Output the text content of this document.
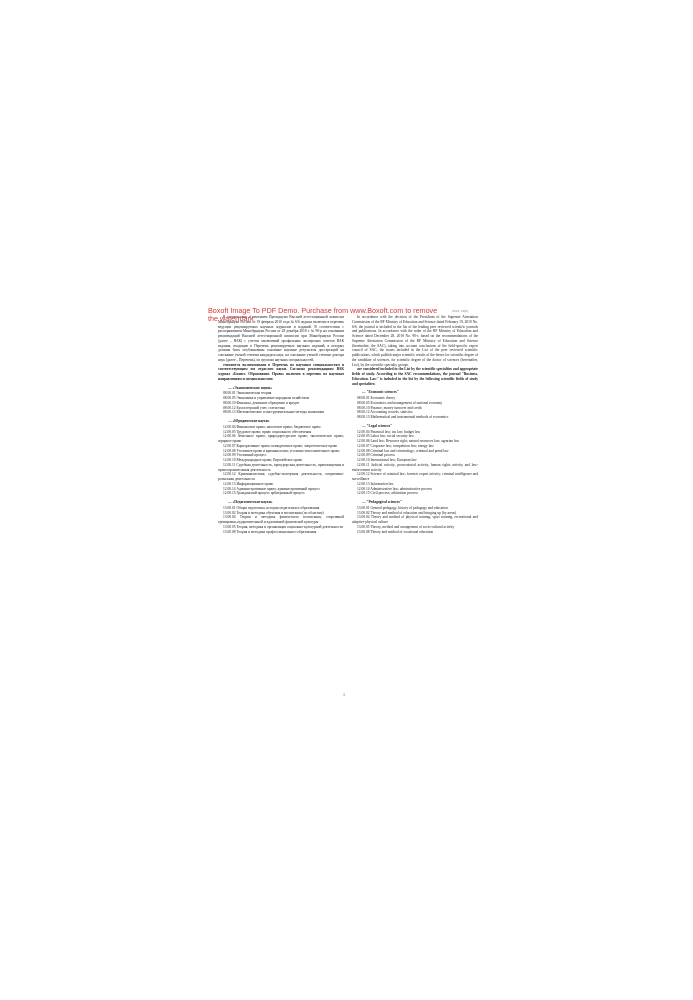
Boxoft Image To PDF Demo. Purchase from www.Boxoft.com to remove
the watermark
2019, 19(6)

В соответствии с решением Президиума Высшей аттестационной комиссии Минобрнауки России от 19 февраля 2010 года № 6/6 журнал включен в перечень ведущих рецензируемых научных журналов и изданий. В соответствии с распоряжением Минобрнауки России от 28 декабря 2018 г. № 90-р на основании рекомендаций Высшей аттестационной комиссии при Минобрнауки России (далее – ВАК) с учетом заключений профильных экспертных советов ВАК издания, входящие в Перечень рецензируемых научных изданий, в которых должны быть опубликованы основные научные результаты диссертаций на соискание ученой степени кандидата наук, на соискание ученой степени доктора наук (далее – Перечень), по группам научных специальностей,

считаются включенными в Перечень по научным специальностям и соответствующим им отраслям науки. Согласно рекомендациям ВАК журнал «Бизнес. Образование. Право» включен в перечень по научным направлениям и специальностям:

— «Экономические науки»

08.00.01 Экономическая теория

08.00.05 Экономика и управление народным хозяйством

08.00.10 Финансы, денежное обращение и кредит

08.00.12 Бухгалтерский учет, статистика

08.00.13 Математические и инструментальные методы экономики

— «Юридические науки»

12.00.04 Финансовое право; налоговое право; бюджетное право

12.00.05 Трудовое право; право социального обеспечения

12.00.06 Земельное право; природоресурсное право; экологическое право; аграрное право

12.00.07 Корпоративное право; конкурентное право; энергетическое право

12.00.08 Уголовное право и криминология; уголовно-исполнительное право

12.00.09 Уголовный процесс

12.00.10 Международное право; Европейское право

12.00.11 Судебная деятельность, прокурорская деятельность, правозащитная и правоохранительная деятельность

12.00.12 Криминалистика; судебно-экспертная деятельность; оперативно-розыскная деятельность

12.00.13 Информационное право

12.00.14 Административное право; административный процесс

12.00.15 Гражданский процесс арбитражный процесс

— «Педагогические науки»

13.00.01 Общая педагогика, история педагогики и образования

13.00.02 Теория и методика обучения и воспитания (по областям)

13.00.04 Теория и методика физического воспитания, спортивной тренировки,оздоровительной и адаптивной физической культуры

13.00.05 Теория, методика и организация социально-культурной деятельности

13.00.08 Теория и методика профессионального образования

In accordance with the decision of the Presidium of the Supreme Attestation Commission of the RF Ministry of Education and Science dated February 19, 2010 No. 6/6, the journal is included in the list of the leading peer reviewed scientific journals and publications. In accordance with the order of the RF Ministry of Education and Science dated December 28, 2018 No. 90-r, based on the recommendations of the Supreme Attestation Commission of the RF Ministry of Education and Science (hereinafter, the SAC), taking into account conclusions of the field-specific expert council of SAC, the issues included in the List of the peer reviewed scientific publications, which publish major scientific results of the theses for scientific degree of the candidate of sciences, for scientific degree of the doctor of sciences (hereinafter, List), by the scientific specialty groups,

are considered included in the List by the scientific specialties and appropriate fields of study. According to the SAC recommendations, the journal "Business. Education. Law" is included in the list by the following scientific fields of study and specialties:

— "Economic sciences"

08.00.01 Economic theory

08.00.05 Economics and management of national economy

08.00.10 Finance, money turnover and credit

08.00.12 Accounting records, statistics

08.00.13 Mathematical and instrumental methods of economics

— "Legal sciences"

12.00.04 Financial law; tax law; budget law

12.00.05 Labor law; social security law

12.00.06 Land law; Resource right; natural resources law; agrarian law

12.00.07 Corporate law; competition law; energy law

12.00.08 Criminal law and criminology; criminal and penal law

12.00.09 Criminal process

12.00.10 International law; European law

12.00.11 Judicial activity, prosecutorial activity, human rights activity and law-enforcement activity

12.00.12 Science of criminal law; forensic expert activity; criminal intelligence and surveillance

12.00.13 Information law

12.00.14 Administrative law; administrative process

12.00.15 Civil process; arbitration process

— "Pedagogical sciences"

13.00.01 General pedagogy, history of pedagogy and education

13.00.02 Theory and method of education and bringing up (by areas)

13.00.04 Theory and method of physical training, sport training, recreational and adaptive physical culture

13.00.05 Theory, method and arrangement of socio-cultural activity

13.00.08 Theory and method of vocational education

1
